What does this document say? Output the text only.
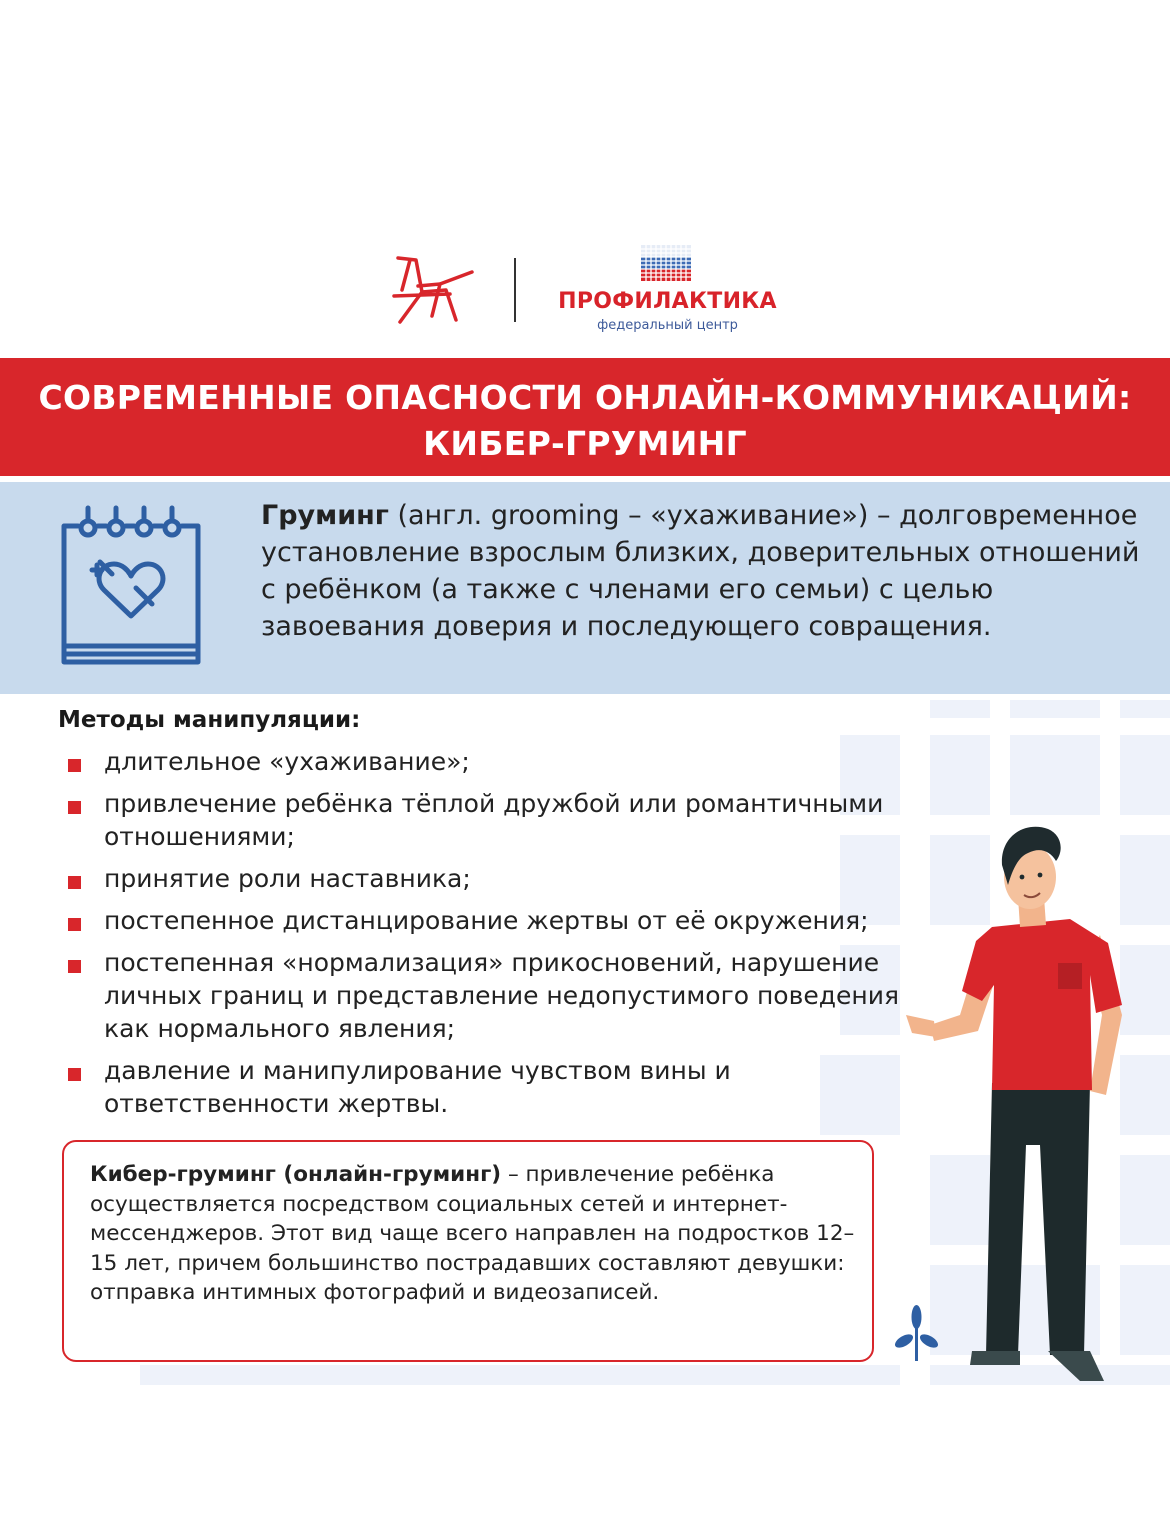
ПРОФИЛАКТИКА
федеральный центр
СОВРЕМЕННЫЕ ОПАСНОСТИ ОНЛАЙН-КОММУНИКАЦИЙ:
КИБЕР-ГРУМИНГ
Груминг (англ. grooming – «ухаживание») – долговременное установление взрослым близких, доверительных отношений с ребёнком (а также с членами его семьи) с целью завоевания доверия и последующего совращения.
Методы манипуляции:
длительное «ухаживание»;
привлечение ребёнка тёплой дружбой или романтичными отношениями;
принятие роли наставника;
постепенное дистанцирование жертвы от её окружения;
постепенная «нормализация» прикосновений, нарушение личных границ и представление недопустимого поведения как нормального явления;
давление и манипулирование чувством вины и ответственности жертвы.
Кибер-груминг (онлайн-груминг) – привлечение ребёнка осуществляется посредством социальных сетей и интернет-мессенджеров. Этот вид чаще всего направлен на подростков 12–15 лет, причем большинство пострадавших составляют девушки: отправка интимных фотографий и видеозаписей.
